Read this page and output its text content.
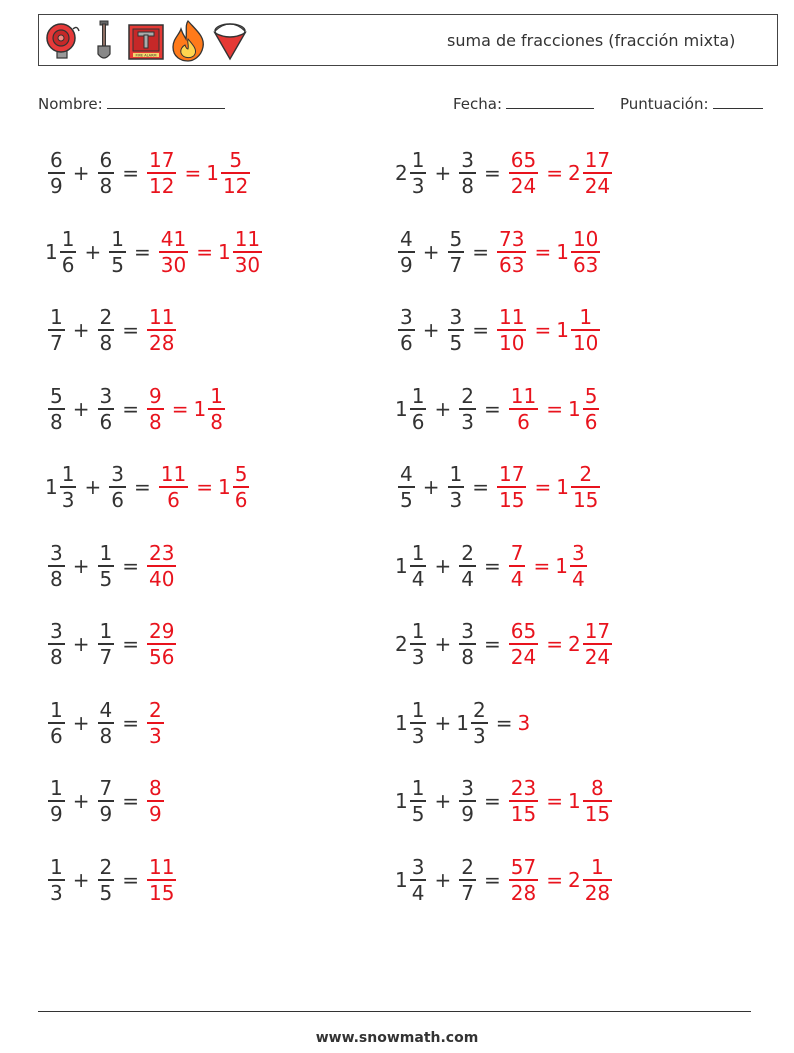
FIRE ALARM
suma de fracciones (fracción mixta)
Nombre:	Fecha:	Puntuación:
$\frac{6}{9} + \frac{6}{8} = \frac{17}{12} = 1 \frac{5}{12}$	$2 \frac{1}{3} + \frac{3}{8} = \frac{65}{24} = 2 \frac{17}{24}$
$1 \frac{1}{6} + \frac{1}{5} = \frac{41}{30} = 1 \frac{11}{30}$	$\frac{4}{9} + \frac{5}{7} = \frac{73}{63} = 1 \frac{10}{63}$
$\frac{1}{7} + \frac{2}{8} = \frac{11}{28}$	$\frac{3}{6} + \frac{3}{5} = \frac{11}{10} = 1 \frac{1}{10}$
$\frac{5}{8} + \frac{3}{6} = \frac{9}{8} = 1 \frac{1}{8}$	$1 \frac{1}{6} + \frac{2}{3} = \frac{11}{6} = 1 \frac{5}{6}$
$1 \frac{1}{3} + \frac{3}{6} = \frac{11}{6} = 1 \frac{5}{6}$	$\frac{4}{5} + \frac{1}{3} = \frac{17}{15} = 1 \frac{2}{15}$
$\frac{3}{8} + \frac{1}{5} = \frac{23}{40}$	$1 \frac{1}{4} + \frac{2}{4} = \frac{7}{4} = 1 \frac{3}{4}$
$\frac{3}{8} + \frac{1}{7} = \frac{29}{56}$	$2 \frac{1}{3} + \frac{3}{8} = \frac{65}{24} = 2 \frac{17}{24}$
$\frac{1}{6} + \frac{4}{8} = \frac{2}{3}$	$1 \frac{1}{3} + 1 \frac{2}{3} = 3$
$\frac{1}{9} + \frac{7}{9} = \frac{8}{9}$	$1 \frac{1}{5} + \frac{3}{9} = \frac{23}{15} = 1 \frac{8}{15}$
$\frac{1}{3} + \frac{2}{5} = \frac{11}{15}$	$1 \frac{3}{4} + \frac{2}{7} = \frac{57}{28} = 2 \frac{1}{28}$
www.snowmath.com
